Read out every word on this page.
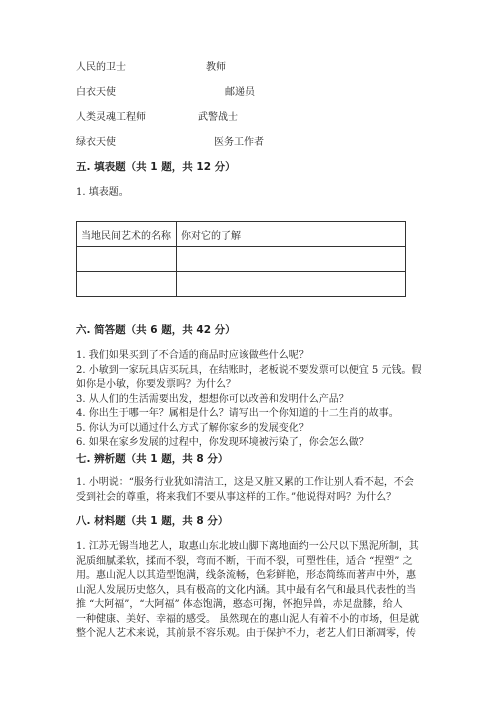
人民的卫士	教师
白衣天使	邮递员
人类灵魂工程师	武警战士
绿衣天使	医务工作者
五. 填表题（共 1 题，共 12 分）
1. 填表题。
当地民间艺术的名称	你对它的了解

六. 简答题（共 6 题，共 42 分）
1. 我们如果买到了不合适的商品时应该做些什么呢？
2. 小敏到一家玩具店买玩具，在结账时，老板说不要发票可以便宜 5 元钱。假
如你是小敏，你要发票吗？为什么？
3. 从人们的生活需要出发，想想你可以改善和发明什么产品？
4. 你出生于哪一年？属相是什么？请写出一个你知道的十二生肖的故事。
5. 你认为可以通过什么方式了解你家乡的发展变化？
6. 如果在家乡发展的过程中，你发现环境被污染了，你会怎么做？
七. 辨析题（共 1 题，共 8 分）
1. 小明说：“服务行业犹如清洁工，这是又脏又累的工作让别人看不起，不会
受到社会的尊重，将来我们不要从事这样的工作。”他说得对吗？为什么？
八. 材料题（共 1 题，共 8 分）
1. 江苏无锡当地艺人，取惠山东北坡山脚下离地面约一公尺以下黑泥所制，其
泥质细腻柔软，揉而不裂，弯而不断，干而不裂，可塑性佳，适合 “捏塑” 之
用。惠山泥人以其造型饱满，线条流畅，色彩鲜艳，形态简练而著声中外，惠
山泥人发展历史悠久，具有极高的文化内涵。其中最有名气和最具代表性的当
推 “大阿福”，“大阿福” 体态饱满，憨态可掬，怀抱异兽，赤足盘膝，给人
一种健康、美好、幸福的感受。 虽然现在的惠山泥人有着不小的市场，但是就
整个泥人艺术来说，其前景不容乐观。由于保护不力，老艺人们日渐凋零，传
